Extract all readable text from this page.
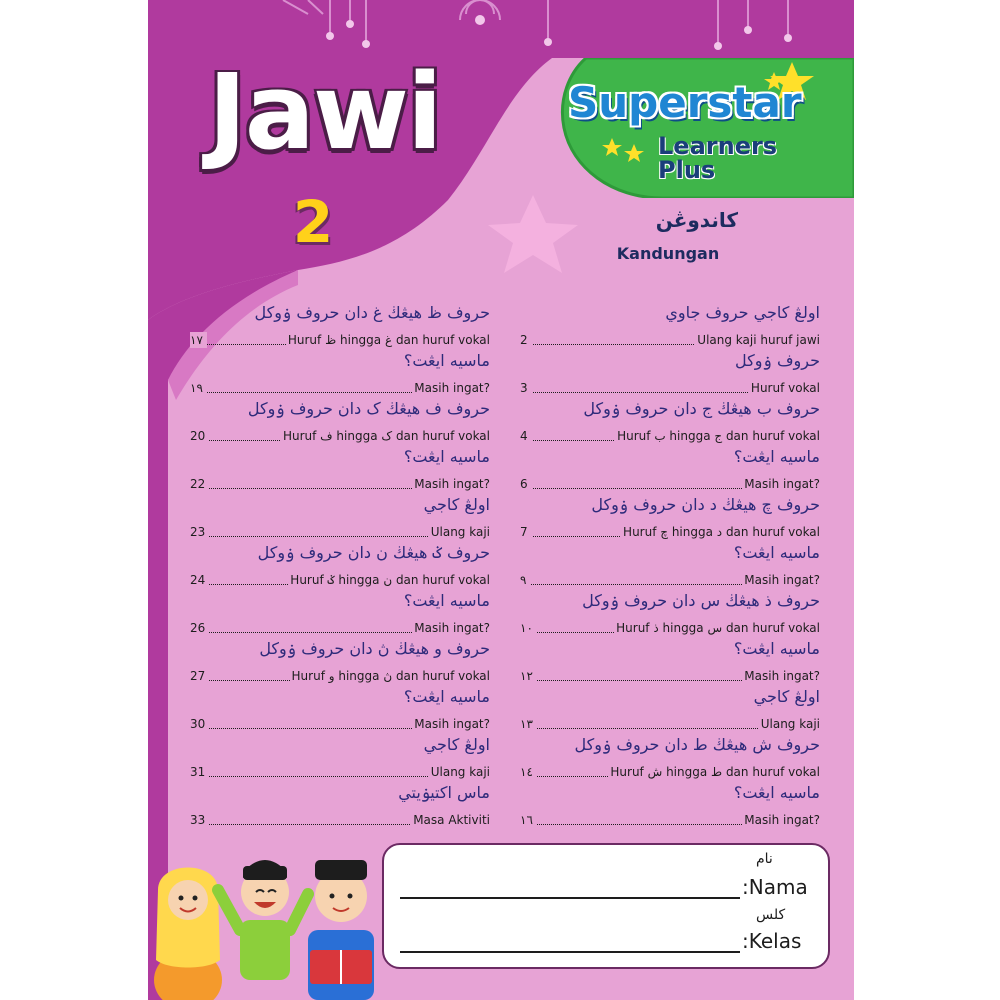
Jawi
2
Superstar
Learners Plus
كاندوڠن
Kandungan
اولڠ كاجي حروف جاوي
2	Ulang kaji huruf jawi
حروف ۏوكل
3	Huruf vokal
حروف ب هيڠڬ ج دان حروف ۏوكل
4	Huruf ب hingga ج dan huruf vokal
ماسيه ايڠت؟
6	Masih ingat?
حروف چ هيڠڬ د دان حروف ۏوكل
7	Huruf چ hingga د dan huruf vokal
ماسيه ايڠت؟
٩	Masih ingat?
حروف ذ هيڠڬ س دان حروف ۏوكل
١٠	Huruf ذ hingga س dan huruf vokal
ماسيه ايڠت؟
١٢	Masih ingat?
اولڠ كاجي
١٣	Ulang kaji
حروف ش هيڠڬ ط دان حروف ۏوكل
١٤	Huruf ش hingga ط dan huruf vokal
ماسيه ايڠت؟
١٦	Masih ingat?
حروف ظ هيڠڬ غ دان حروف ۏوكل
١٧	Huruf ظ hingga غ dan huruf vokal
ماسيه ايڠت؟
١٩	Masih ingat?
حروف ف هيڠڬ ک دان حروف ۏوكل
20	Huruf ف hingga ک dan huruf vokal
ماسيه ايڠت؟
22	Masih ingat?
اولڠ كاجي
23	Ulang kaji
حروف ݢ هيڠڬ ن دان حروف ۏوكل
24	Huruf ݢ hingga ن dan huruf vokal
ماسيه ايڠت؟
26	Masih ingat?
حروف و هيڠڬ ڽ دان حروف ۏوكل
27	Huruf و hingga ڽ dan huruf vokal
ماسيه ايڠت؟
30	Masih ingat?
اولڠ كاجي
31	Ulang kaji
ماس اكتيۏيتي
33	Masa Aktiviti
نام
:Nama
كلس
:Kelas
